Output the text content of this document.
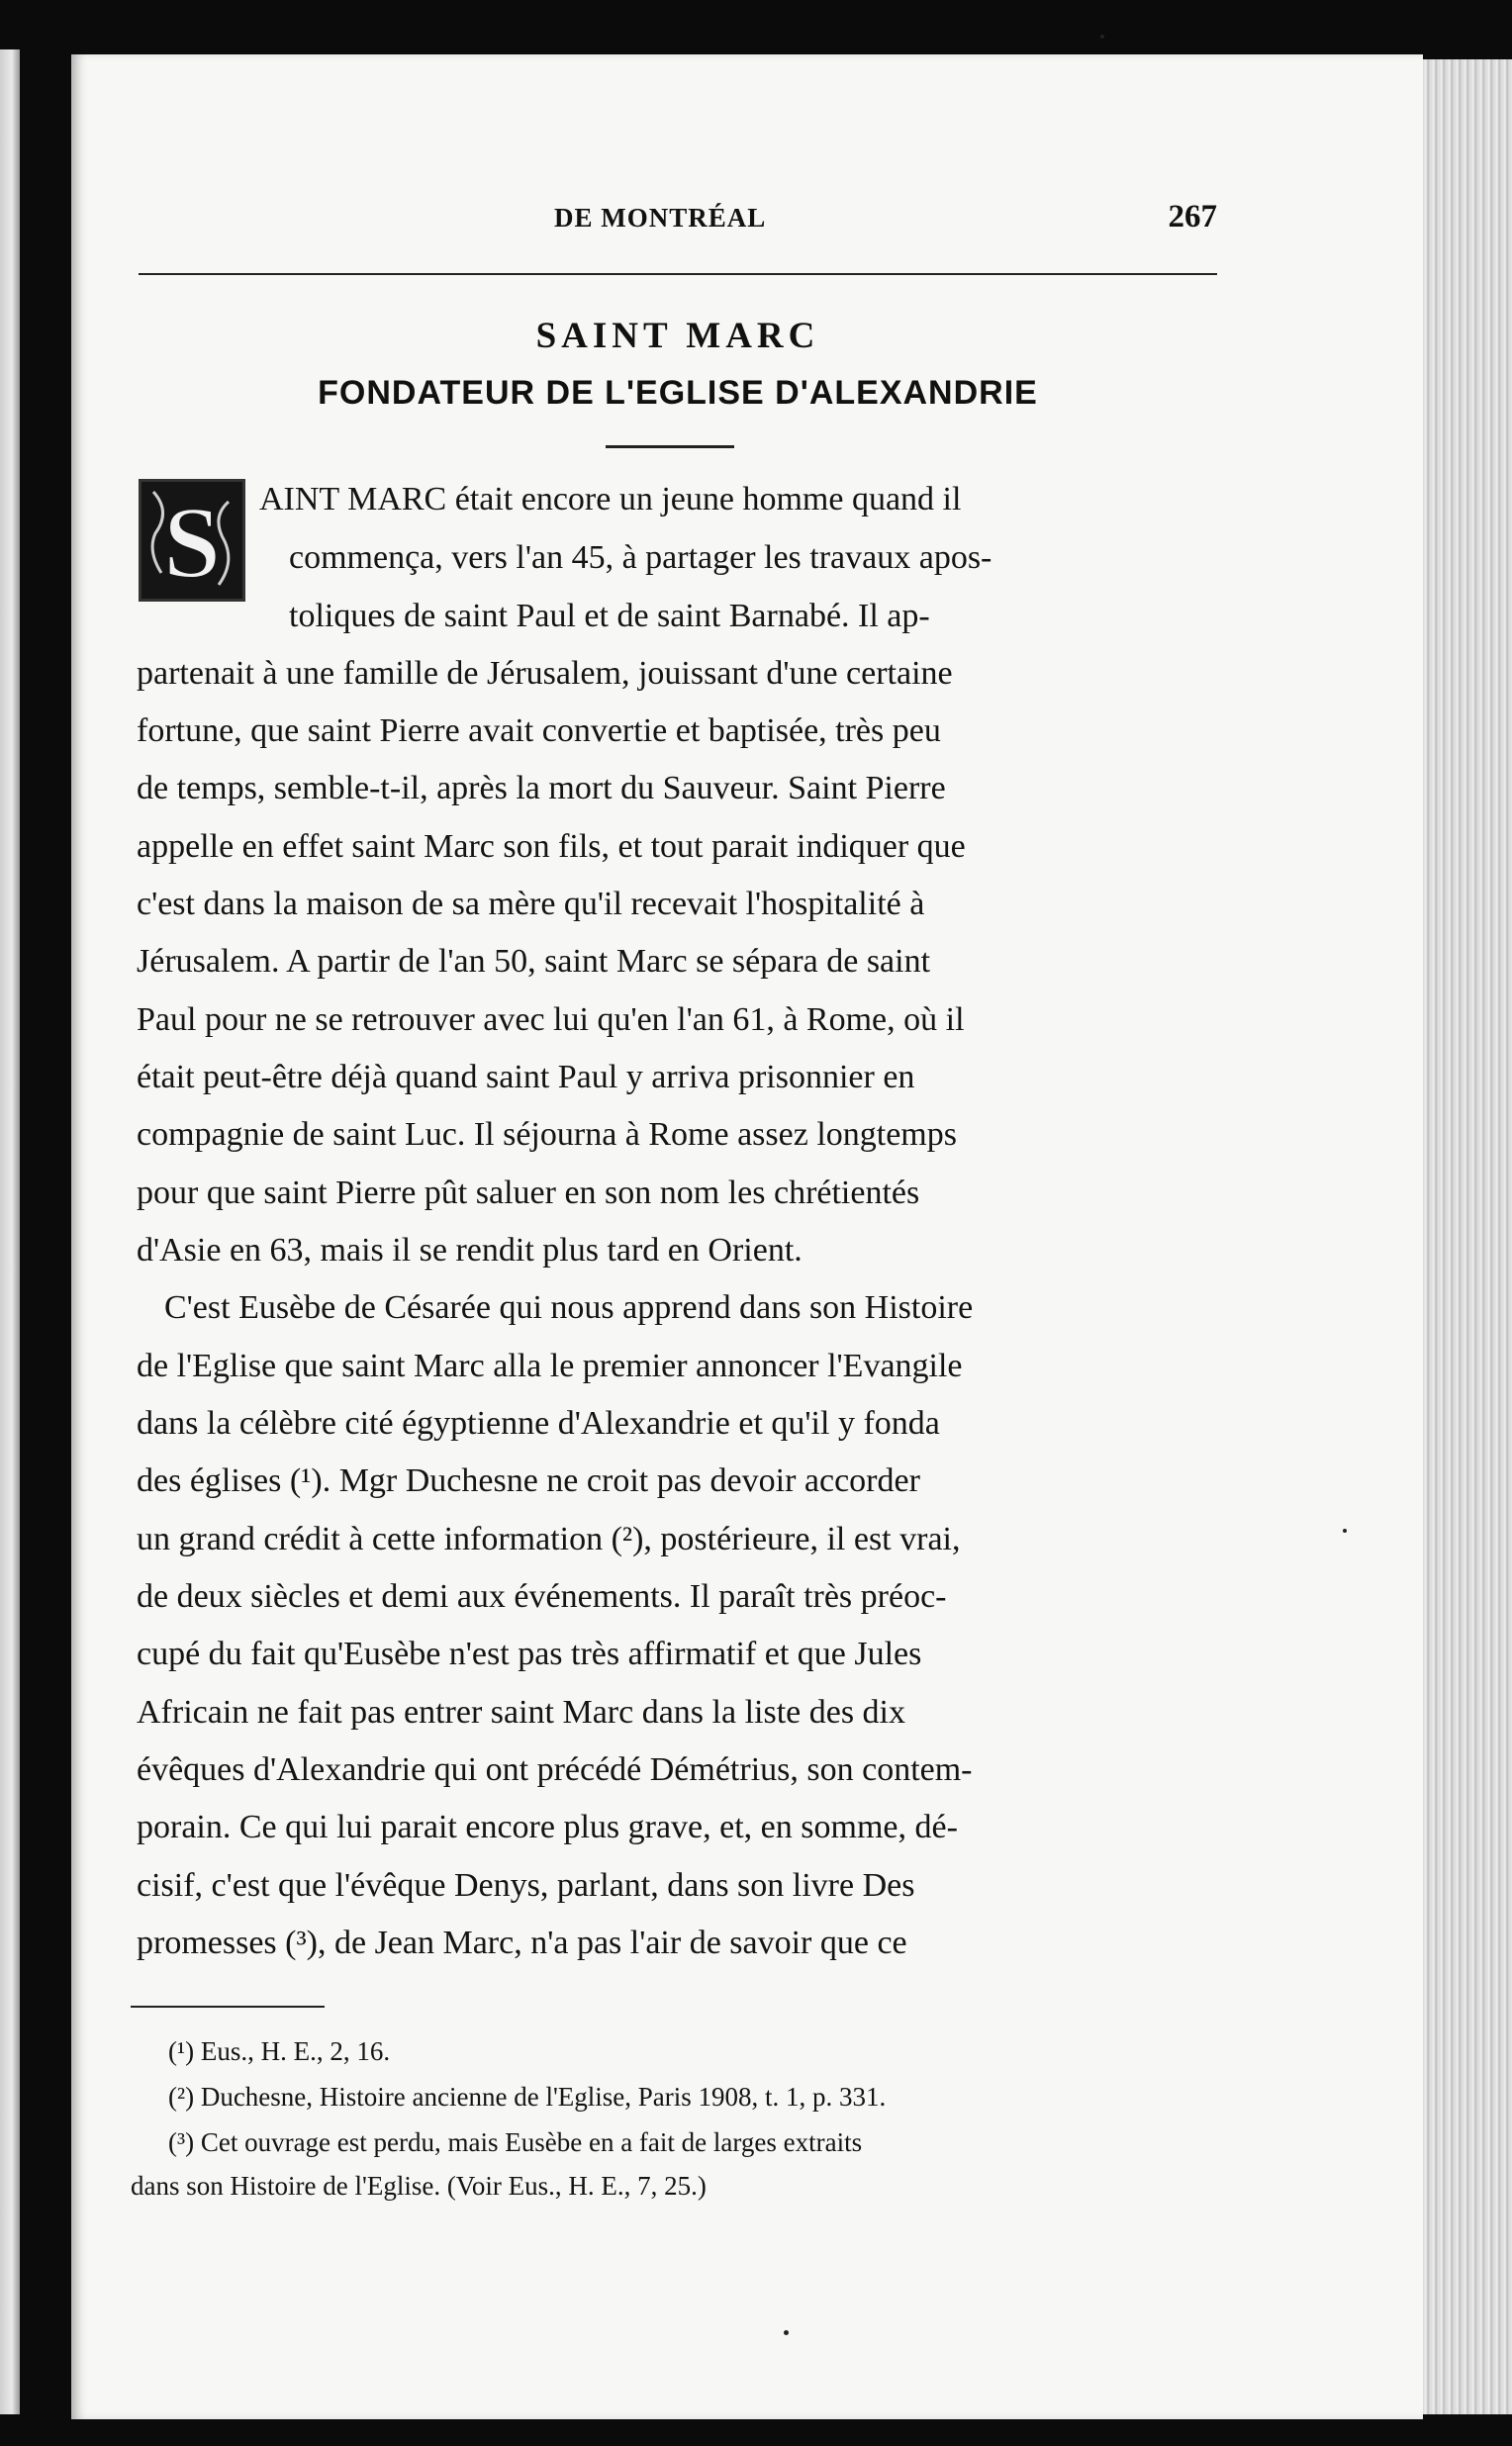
DE MONTRÉAL	267
SAINT MARC
FONDATEUR DE L'EGLISE D'ALEXANDRIE
S AINT MARC était encore un jeune homme quand il
commença, vers l'an 45, à partager les travaux apos-
toliques de saint Paul et de saint Barnabé. Il ap-
partenait à une famille de Jérusalem, jouissant d'une certaine
fortune, que saint Pierre avait convertie et baptisée, très peu
de temps, semble-t-il, après la mort du Sauveur. Saint Pierre
appelle en effet saint Marc son fils, et tout parait indiquer que
c'est dans la maison de sa mère qu'il recevait l'hospitalité à
Jérusalem. A partir de l'an 50, saint Marc se sépara de saint
Paul pour ne se retrouver avec lui qu'en l'an 61, à Rome, où il
était peut-être déjà quand saint Paul y arriva prisonnier en
compagnie de saint Luc. Il séjourna à Rome assez longtemps
pour que saint Pierre pût saluer en son nom les chrétientés
d'Asie en 63, mais il se rendit plus tard en Orient.
C'est Eusèbe de Césarée qui nous apprend dans son Histoire
de l'Eglise que saint Marc alla le premier annoncer l'Evangile
dans la célèbre cité égyptienne d'Alexandrie et qu'il y fonda
des églises (¹). Mgr Duchesne ne croit pas devoir accorder
un grand crédit à cette information (²), postérieure, il est vrai,
de deux siècles et demi aux événements. Il paraît très préoc-
cupé du fait qu'Eusèbe n'est pas très affirmatif et que Jules
Africain ne fait pas entrer saint Marc dans la liste des dix
évêques d'Alexandrie qui ont précédé Démétrius, son contem-
porain. Ce qui lui parait encore plus grave, et, en somme, dé-
cisif, c'est que l'évêque Denys, parlant, dans son livre Des
promesses (³), de Jean Marc, n'a pas l'air de savoir que ce
(¹) Eus., H. E., 2, 16.
(²) Duchesne, Histoire ancienne de l'Eglise, Paris 1908, t. 1, p. 331.
(³) Cet ouvrage est perdu, mais Eusèbe en a fait de larges extraits
dans son Histoire de l'Eglise. (Voir Eus., H. E., 7, 25.)
